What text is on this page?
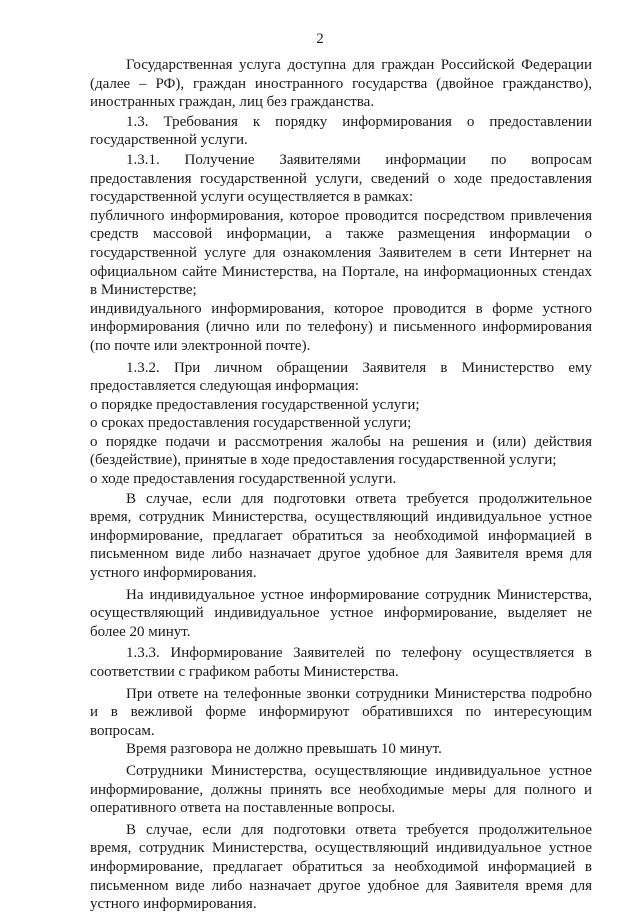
2

Государственная услуга доступна для граждан Российской Федерации (далее – РФ), граждан иностранного государства (двойное гражданство), иностранных граждан, лиц без гражданства.

1.3. Требования к порядку информирования о предоставлении государственной услуги.

1.3.1. Получение Заявителями информации по вопросам предоставления государственной услуги, сведений о ходе предоставления государственной услуги осуществляется в рамках:

публичного информирования, которое проводится посредством привлечения средств массовой информации, а также размещения информации о государственной услуге для ознакомления Заявителем в сети Интернет на официальном сайте Министерства, на Портале, на информационных стендах в Министерстве;

индивидуального информирования, которое проводится в форме устного информирования (лично или по телефону) и письменного информирования (по почте или электронной почте).

1.3.2. При личном обращении Заявителя в Министерство ему предоставляется следующая информация:

о порядке предоставления государственной услуги;

о сроках предоставления государственной услуги;

о порядке подачи и рассмотрения жалобы на решения и (или) действия (бездействие), принятые в ходе предоставления государственной услуги;

о ходе предоставления государственной услуги.

В случае, если для подготовки ответа требуется продолжительное время, сотрудник Министерства, осуществляющий индивидуальное устное информирование, предлагает обратиться за необходимой информацией в письменном виде либо назначает другое удобное для Заявителя время для устного информирования.

На индивидуальное устное информирование сотрудник Министерства, осуществляющий индивидуальное устное информирование, выделяет не более 20 минут.

1.3.3. Информирование Заявителей по телефону осуществляется в соответствии с графиком работы Министерства.

При ответе на телефонные звонки сотрудники Министерства подробно и в вежливой форме информируют обратившихся по интересующим вопросам.

Время разговора не должно превышать 10 минут.

Сотрудники Министерства, осуществляющие индивидуальное устное информирование, должны принять все необходимые меры для полного и оперативного ответа на поставленные вопросы.

В случае, если для подготовки ответа требуется продолжительное время, сотрудник Министерства, осуществляющий индивидуальное устное информирование, предлагает обратиться за необходимой информацией в письменном виде либо назначает другое удобное для Заявителя время для устного информирования.
